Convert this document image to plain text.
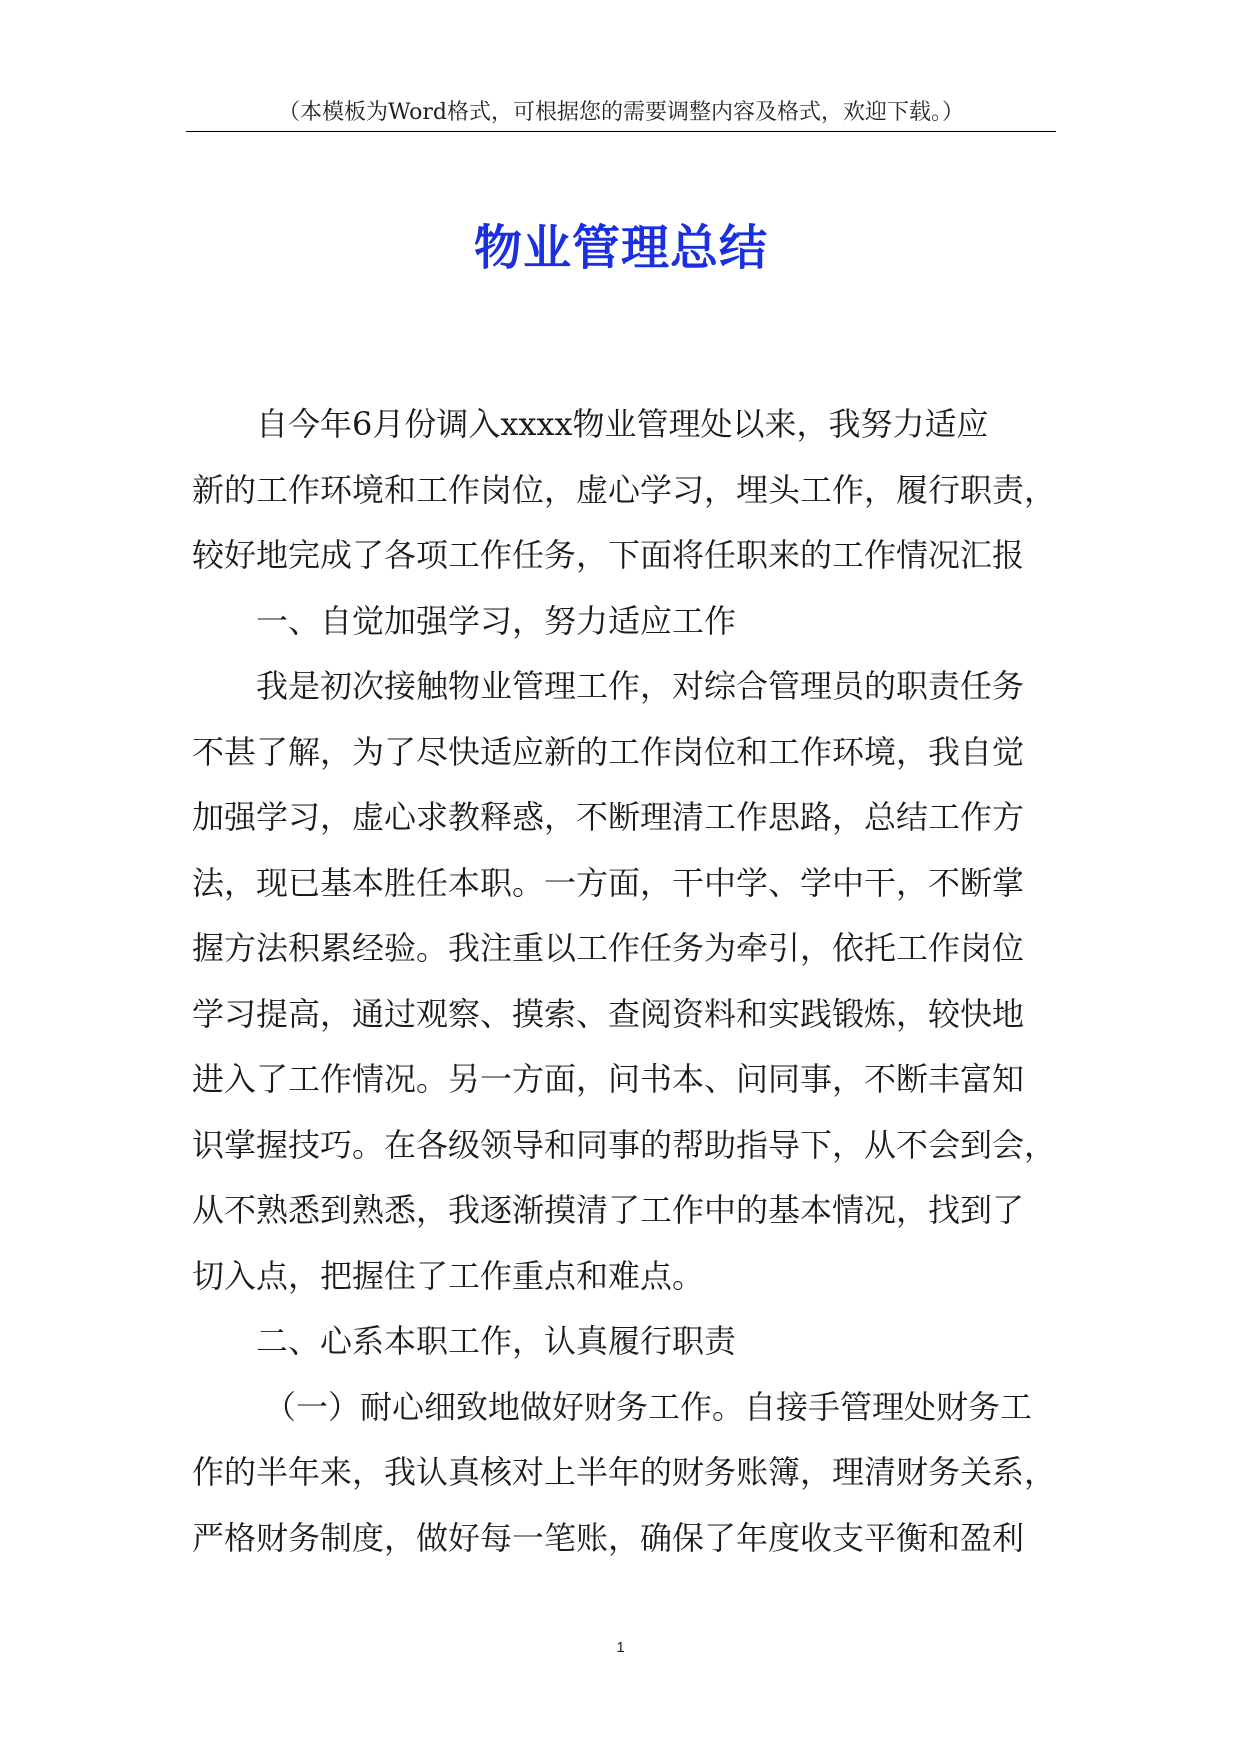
（本模板为Word格式，可根据您的需要调整内容及格式，欢迎下载。）
物业管理总结
自今年6月份调入xxxx物业管理处以来，我努力适应
新的工作环境和工作岗位，虚心学习，埋头工作，履行职责，
较好地完成了各项工作任务，下面将任职来的工作情况汇报
一、自觉加强学习，努力适应工作
我是初次接触物业管理工作，对综合管理员的职责任务
不甚了解，为了尽快适应新的工作岗位和工作环境，我自觉
加强学习，虚心求教释惑，不断理清工作思路，总结工作方
法，现已基本胜任本职。一方面，干中学、学中干，不断掌
握方法积累经验。我注重以工作任务为牵引，依托工作岗位
学习提高，通过观察、摸索、查阅资料和实践锻炼，较快地
进入了工作情况。另一方面，问书本、问同事，不断丰富知
识掌握技巧。在各级领导和同事的帮助指导下，从不会到会，
从不熟悉到熟悉，我逐渐摸清了工作中的基本情况，找到了
切入点，把握住了工作重点和难点。
二、心系本职工作，认真履行职责
（一）耐心细致地做好财务工作。自接手管理处财务工
作的半年来，我认真核对上半年的财务账簿，理清财务关系，
严格财务制度，做好每一笔账，确保了年度收支平衡和盈利
1
